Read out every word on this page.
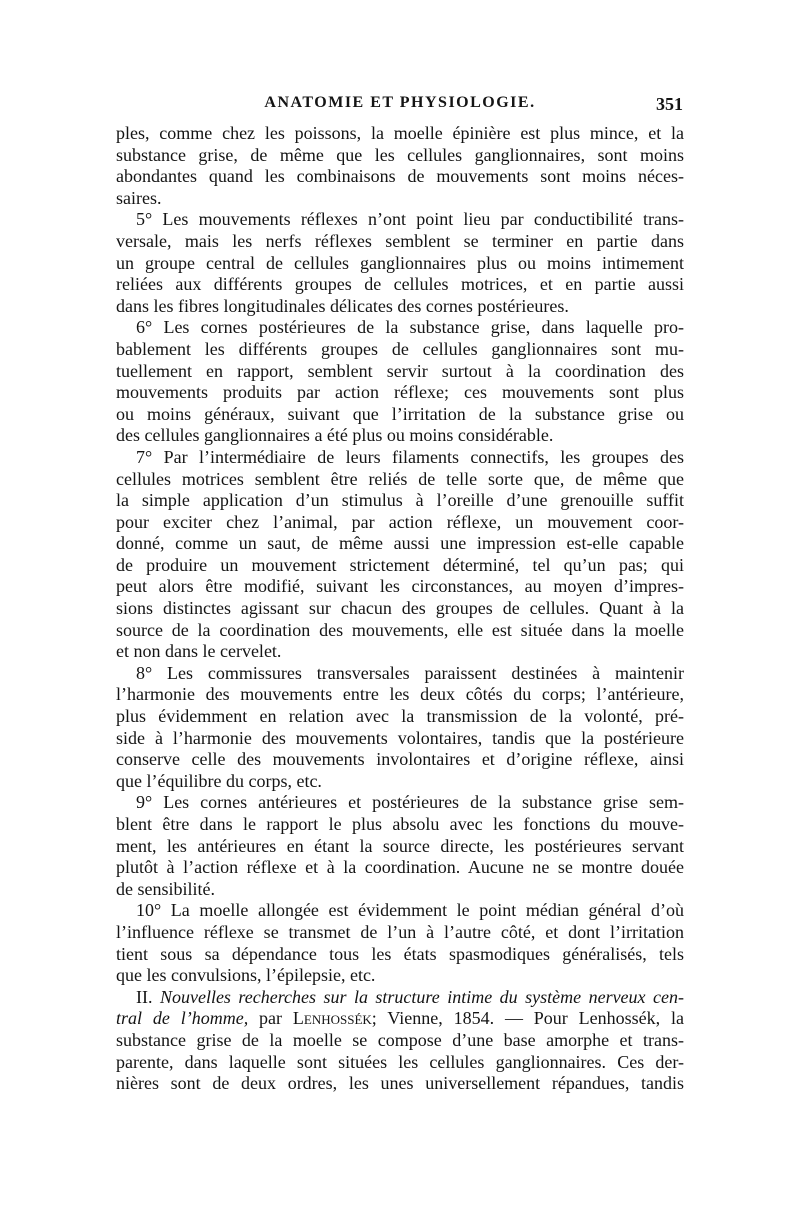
ANATOMIE ET PHYSIOLOGIE.	351
ples, comme chez les poissons, la moelle épinière est plus mince, et la
substance grise, de même que les cellules ganglionnaires, sont moins
abondantes quand les combinaisons de mouvements sont moins néces-
saires.
5° Les mouvements réflexes n’ont point lieu par conductibilité trans-
versale, mais les nerfs réflexes semblent se terminer en partie dans
un groupe central de cellules ganglionnaires plus ou moins intimement
reliées aux différents groupes de cellules motrices, et en partie aussi
dans les fibres longitudinales délicates des cornes postérieures.
6° Les cornes postérieures de la substance grise, dans laquelle pro-
bablement les différents groupes de cellules ganglionnaires sont mu-
tuellement en rapport, semblent servir surtout à la coordination des
mouvements produits par action réflexe; ces mouvements sont plus
ou moins généraux, suivant que l’irritation de la substance grise ou
des cellules ganglionnaires a été plus ou moins considérable.
7° Par l’intermédiaire de leurs filaments connectifs, les groupes des
cellules motrices semblent être reliés de telle sorte que, de même que
la simple application d’un stimulus à l’oreille d’une grenouille suffit
pour exciter chez l’animal, par action réflexe, un mouvement coor-
donné, comme un saut, de même aussi une impression est-elle capable
de produire un mouvement strictement déterminé, tel qu’un pas; qui
peut alors être modifié, suivant les circonstances, au moyen d’impres-
sions distinctes agissant sur chacun des groupes de cellules. Quant à la
source de la coordination des mouvements, elle est située dans la moelle
et non dans le cervelet.
8° Les commissures transversales paraissent destinées à maintenir
l’harmonie des mouvements entre les deux côtés du corps; l’antérieure,
plus évidemment en relation avec la transmission de la volonté, pré-
side à l’harmonie des mouvements volontaires, tandis que la postérieure
conserve celle des mouvements involontaires et d’origine réflexe, ainsi
que l’équilibre du corps, etc.
9° Les cornes antérieures et postérieures de la substance grise sem-
blent être dans le rapport le plus absolu avec les fonctions du mouve-
ment, les antérieures en étant la source directe, les postérieures servant
plutôt à l’action réflexe et à la coordination. Aucune ne se montre douée
de sensibilité.
10° La moelle allongée est évidemment le point médian général d’où
l’influence réflexe se transmet de l’un à l’autre côté, et dont l’irritation
tient sous sa dépendance tous les états spasmodiques généralisés, tels
que les convulsions, l’épilepsie, etc.
II. Nouvelles recherches sur la structure intime du système nerveux cen-
tral de l’homme, par Lenhossék; Vienne, 1854. — Pour Lenhossék, la
substance grise de la moelle se compose d’une base amorphe et trans-
parente, dans laquelle sont situées les cellules ganglionnaires. Ces der-
nières sont de deux ordres, les unes universellement répandues, tandis
